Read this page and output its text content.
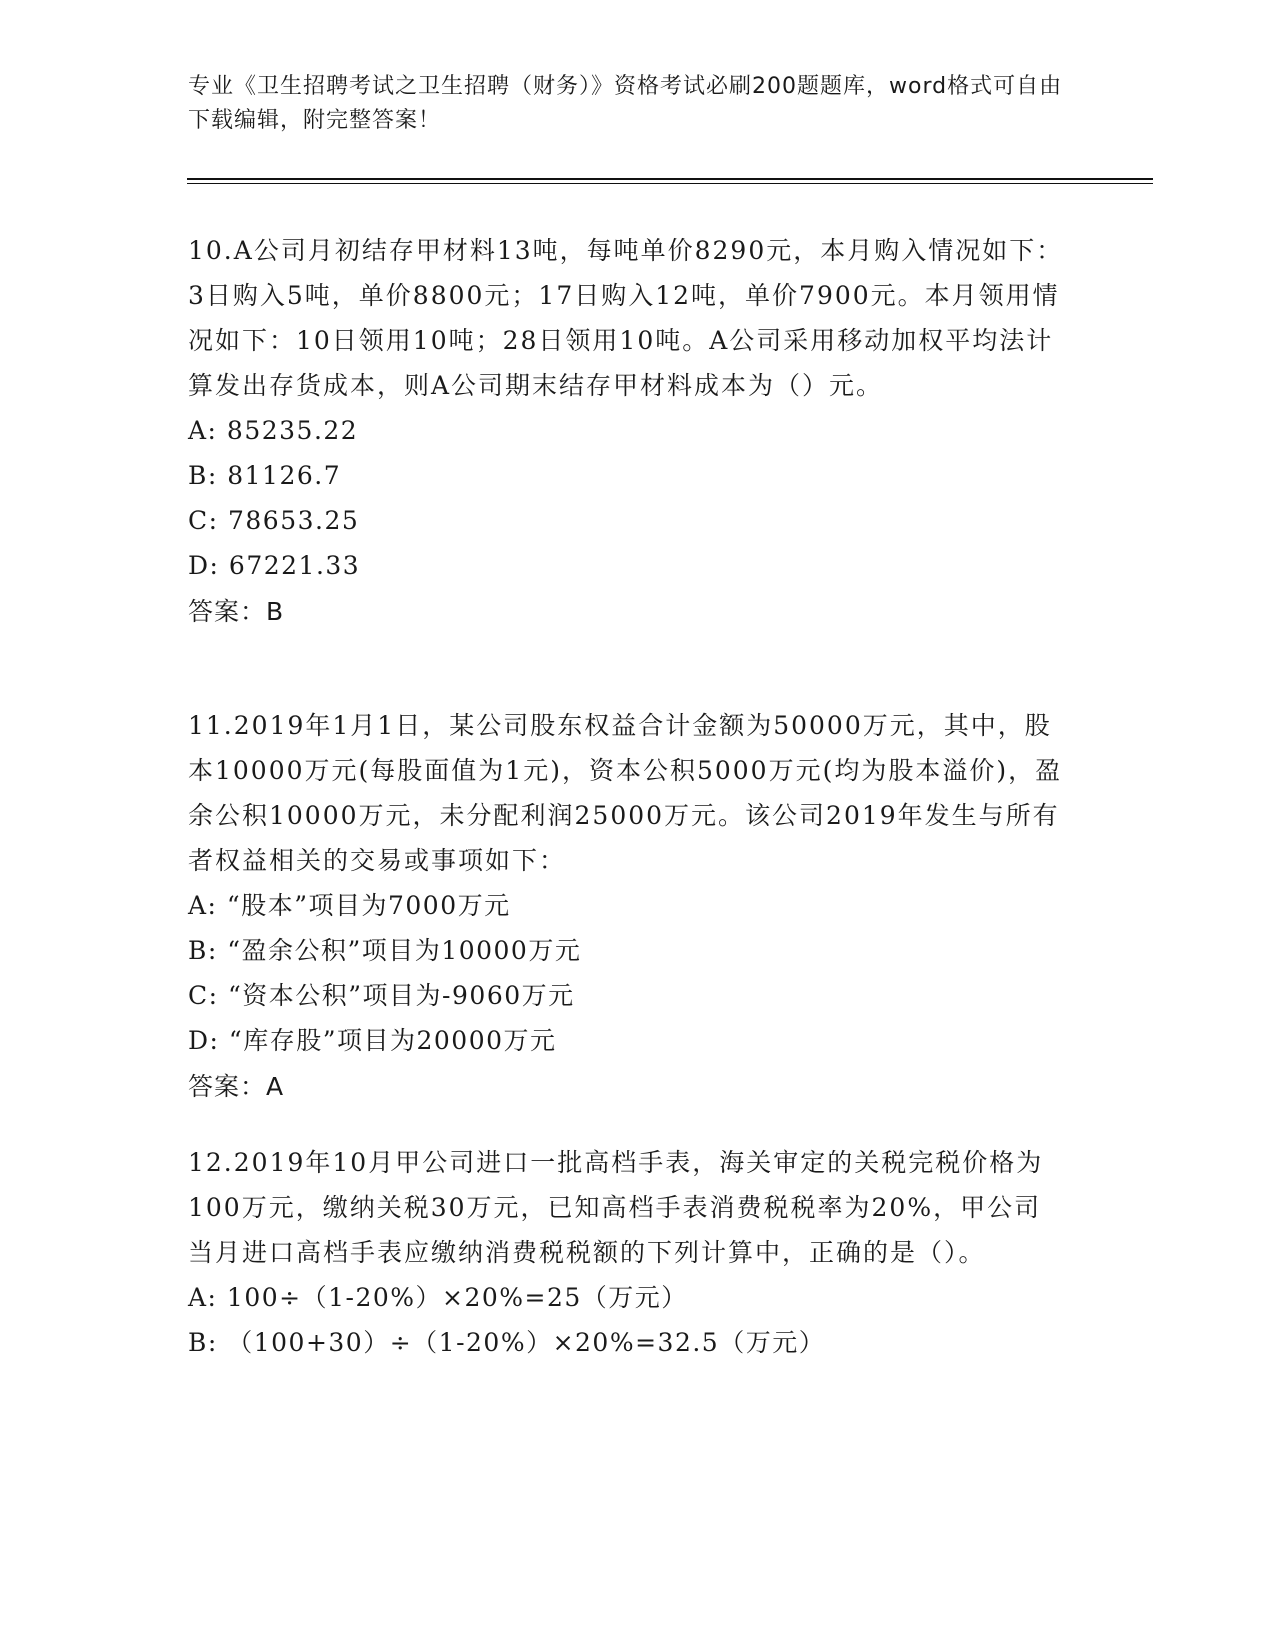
专业《卫生招聘考试之卫生招聘（财务）》资格考试必刷200题题库，word格式可自由下载编辑，附完整答案！
10.A公司月初结存甲材料13吨，每吨单价8290元，本月购入情况如下：3日购入5吨，单价8800元；17日购入12吨，单价7900元。本月领用情况如下：10日领用10吨；28日领用10吨。A公司采用移动加权平均法计算发出存货成本，则A公司期末结存甲材料成本为（）元。
A: 85235.22
B: 81126.7
C: 78653.25
D: 67221.33
答案：B
11.2019年1月1日，某公司股东权益合计金额为50000万元，其中，股本10000万元(每股面值为1元)，资本公积5000万元(均为股本溢价)，盈余公积10000万元，未分配利润25000万元。该公司2019年发生与所有者权益相关的交易或事项如下：
A: “股本”项目为7000万元
B: “盈余公积”项目为10000万元
C: “资本公积”项目为-9060万元
D: “库存股”项目为20000万元
答案：A
12.2019年10月甲公司进口一批高档手表，海关审定的关税完税价格为100万元，缴纳关税30万元，已知高档手表消费税税率为20%，甲公司当月进口高档手表应缴纳消费税税额的下列计算中，正确的是（）。
A: 100÷（1-20%）×20%=25（万元）
B: （100+30）÷（1-20%）×20%=32.5（万元）
